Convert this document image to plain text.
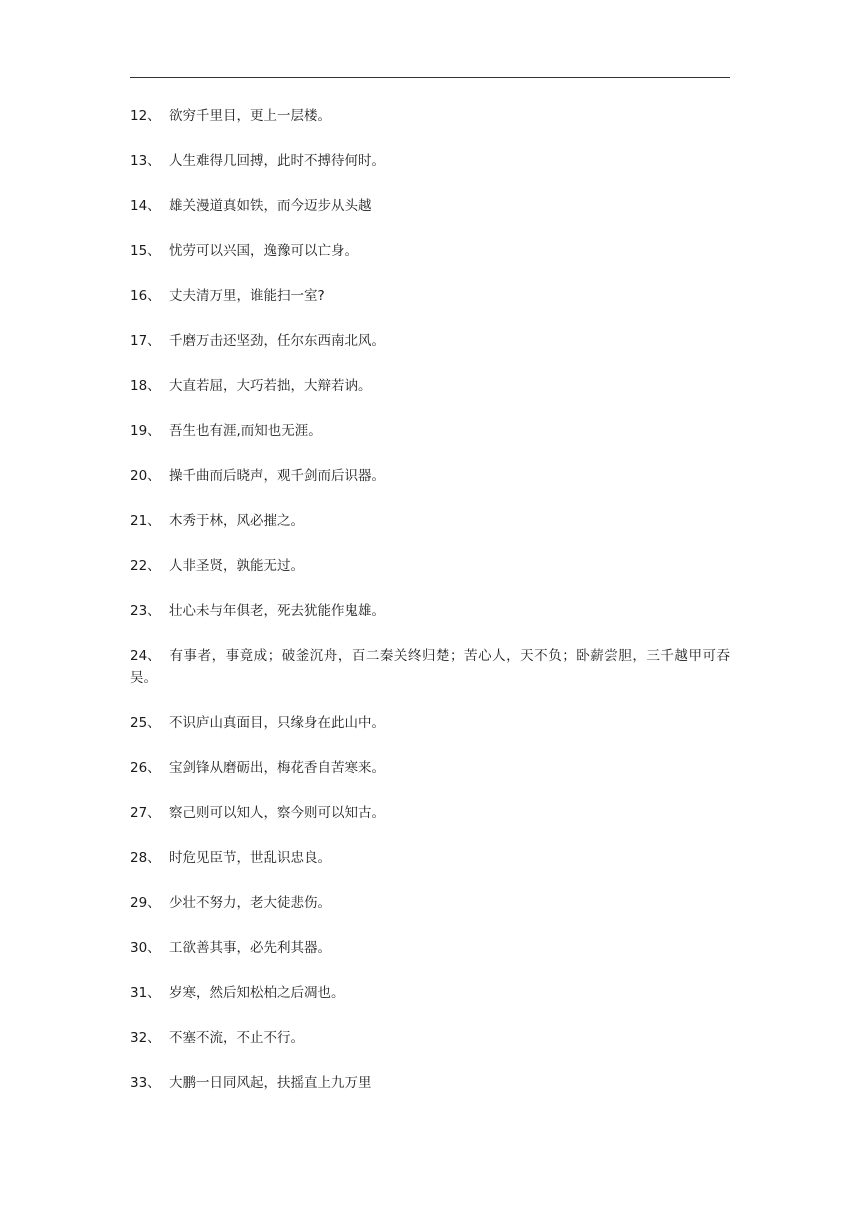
12、 欲穷千里目，更上一层楼。

13、 人生难得几回搏，此时不搏待何时。

14、 雄关漫道真如铁，而今迈步从头越

15、 忧劳可以兴国，逸豫可以亡身。

16、 丈夫清万里，谁能扫一室?

17、 千磨万击还坚劲，任尔东西南北风。

18、 大直若屈，大巧若拙，大辩若讷。

19、 吾生也有涯,而知也无涯。

20、 操千曲而后晓声，观千剑而后识器。

21、 木秀于林，风必摧之。

22、 人非圣贤，孰能无过。

23、 壮心未与年俱老，死去犹能作鬼雄。

24、 有事者，事竟成；破釜沉舟，百二秦关终归楚；苦心人，天不负；卧薪尝胆，三千越甲可吞吴。

25、 不识庐山真面目，只缘身在此山中。

26、 宝剑锋从磨砺出，梅花香自苦寒来。

27、 察己则可以知人，察今则可以知古。

28、 时危见臣节，世乱识忠良。

29、 少壮不努力，老大徒悲伤。

30、 工欲善其事，必先利其器。

31、 岁寒，然后知松柏之后凋也。

32、 不塞不流，不止不行。

33、 大鹏一日同风起，扶摇直上九万里
